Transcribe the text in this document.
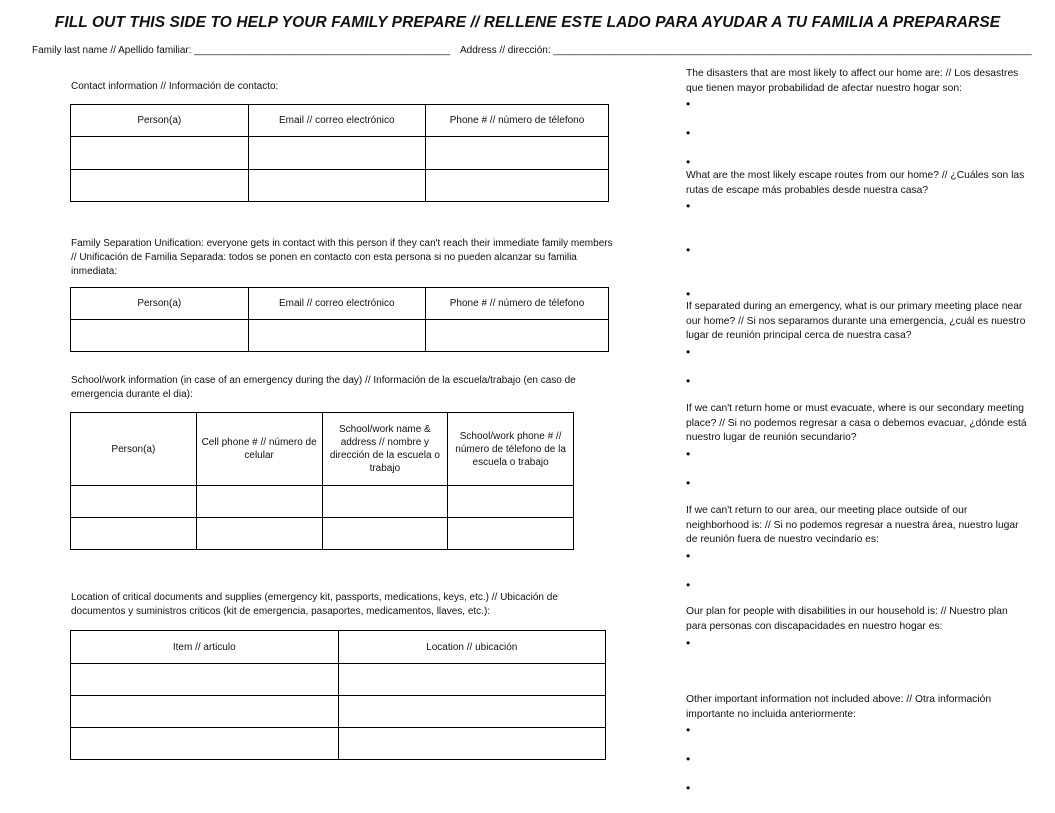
FILL OUT THIS SIDE TO HELP YOUR FAMILY PREPARE // RELLENE ESTE LADO PARA AYUDAR A TU FAMILIA A PREPARARSE
Family last name // Apellido familiar: ______________________________________________ Address // dirección: ______________________________________________________________________________________
Contact information // Información de contacto:
Person(a)	Email // correo electrónico	Phone # // número de télefono

Family Separation Unification: everyone gets in contact with this person if they can't reach their immediate family members // Unificación de Familia Separada: todos se ponen en contacto con esta persona si no pueden alcanzar su familia inmediata:
Person(a)	Email // correo electrónico	Phone # // número de télefono

School/work information (in case of an emergency during the day) // Información de la escuela/trabajo (en caso de emergencia durante el dia):
Person(a)	Cell phone # // número de celular	School/work name & address // nombre y dirección de la escuela o trabajo	School/work phone # // número de télefono de la escuela o trabajo

Location of critical documents and supplies (emergency kit, passports, medications, keys, etc.) // Ubicación de documentos y suministros criticos (kit de emergencia, pasaportes, medicamentos, llaves, etc.):
Item // articulo	Location // ubicación

The disasters that are most likely to affect our home are: // Los desastres que tienen mayor probabilidad de afectar nuestro hogar son:
•
•
•
What are the most likely escape routes from our home? // ¿Cuáles son las rutas de escape más probables desde nuestra casa?
•
•
•
If separated during an emergency, what is our primary meeting place near our home? // Si nos separamos durante una emergencia, ¿cuál es nuestro lugar de reunión principal cerca de nuestra casa?
•
•
If we can't return home or must evacuate, where is our secondary meeting place? // Si no podemos regresar a casa o debemos evacuar, ¿dónde está nuestro lugar de reunión secundario?
•
•
If we can't return to our area, our meeting place outside of our neighborhood is: // Si no podemos regresar a nuestra área, nuestro lugar de reunión fuera de nuestro vecindario es:
•
•
Our plan for people with disabilities in our household is: // Nuestro plan para personas con discapacidades en nuestro hogar es:
•
Other important information not included above: // Otra información importante no incluida anteriormente:
•
•
•
